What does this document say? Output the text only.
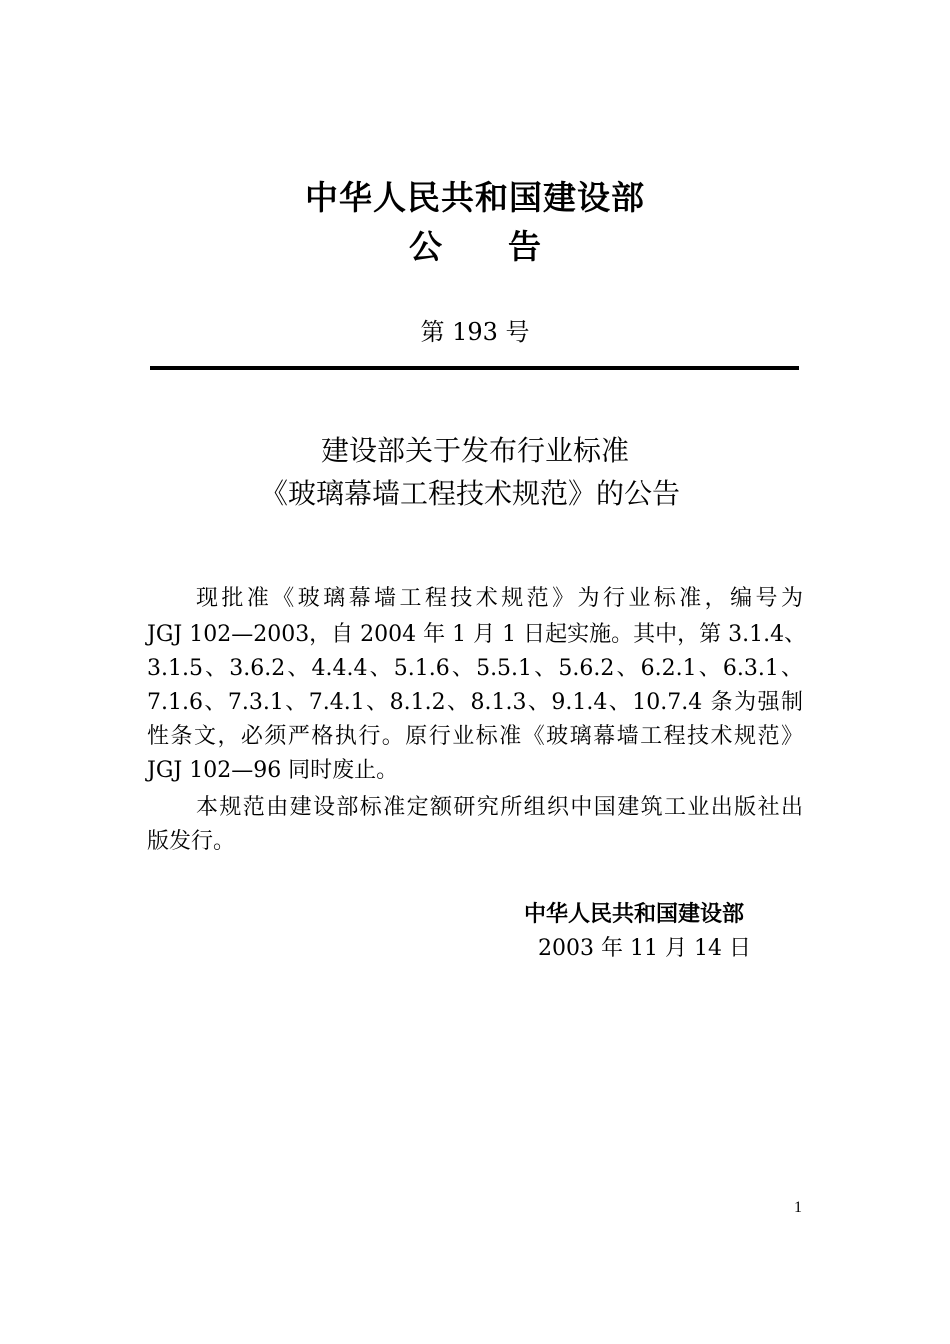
中华人民共和国建设部
公 告
第 193 号
建设部关于发布行业标准
《玻璃幕墙工程技术规范》的公告
现批准《玻璃幕墙工程技术规范》为行业标准，编号为
JGJ 102—2003，自 2004 年 1 月 1 日起实施。其中，第 3.1.4、
3.1.5、3.6.2、4.4.4、5.1.6、5.5.1、5.6.2、6.2.1、6.3.1、
7.1.6、7.3.1、7.4.1、8.1.2、8.1.3、9.1.4、10.7.4 条为强制
性条文，必须严格执行。原行业标准《玻璃幕墙工程技术规范》
JGJ 102—96 同时废止。
本规范由建设部标准定额研究所组织中国建筑工业出版社出
版发行。
中华人民共和国建设部
2003 年 11 月 14 日
1
